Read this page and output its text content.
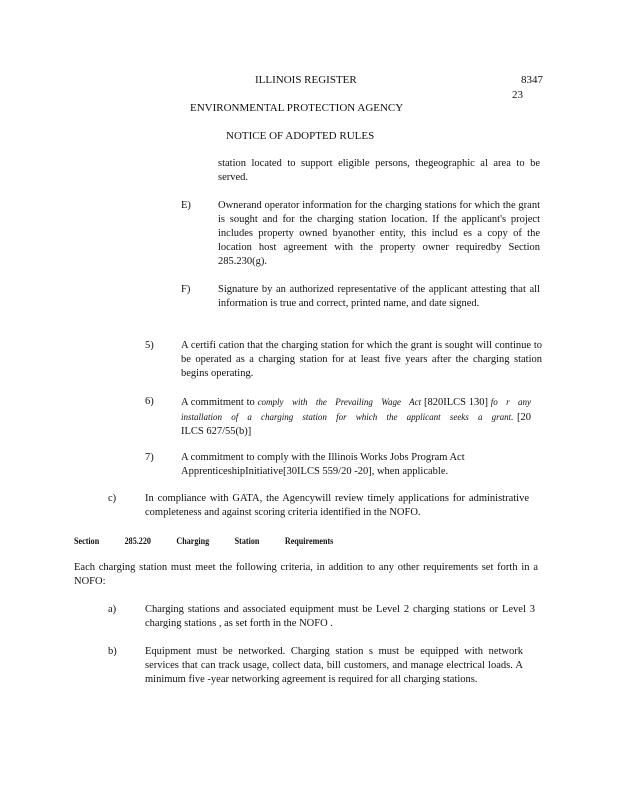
ILLINOIS REGISTER	8347
23
ENVIRONMENTAL PROTECTION AGENCY
NOTICE OF ADOPTED RULES
station located to support eligible persons, thegeographic al area to be served.
E)	Ownerand operator information for the charging stations for which the grant is sought and for the charging station location. If the applicant's project includes property owned byanother entity, this includ es a copy of the location host agreement with the property owner requiredby Section 285.230(g).
F)	Signature by an authorized representative of the applicant attesting that all information is true and correct, printed name, and date signed.
5)	A certifi cation that the charging station for which the grant is sought will continue to be operated as a charging station for at least five years after the charging station begins operating.
6)	A commitment to comply with the Prevailing Wage Act [820ILCS 130] fo r any installation of a charging station for which the applicant seeks a grant. [20 ILCS 627/55(b)]
7)	A commitment to comply with the Illinois Works Jobs Program Act
ApprenticeshipInitiative[30ILCS 559/20 -20], when applicable.
c)	In compliance with GATA, the Agencywill review timely applications for administrative completeness and against scoring criteria identified in the NOFO.
Section	285.220	Charging	Station	Requirements
Each charging station must meet the following criteria, in addition to any other requirements set forth in a NOFO:
a)	Charging stations and associated equipment must be Level 2 charging stations or Level 3 charging stations , as set forth in the NOFO .
b)	Equipment must be networked. Charging station s must be equipped with network services that can track usage, collect data, bill customers, and manage electrical loads. A minimum five -year networking agreement is required for all charging stations.
